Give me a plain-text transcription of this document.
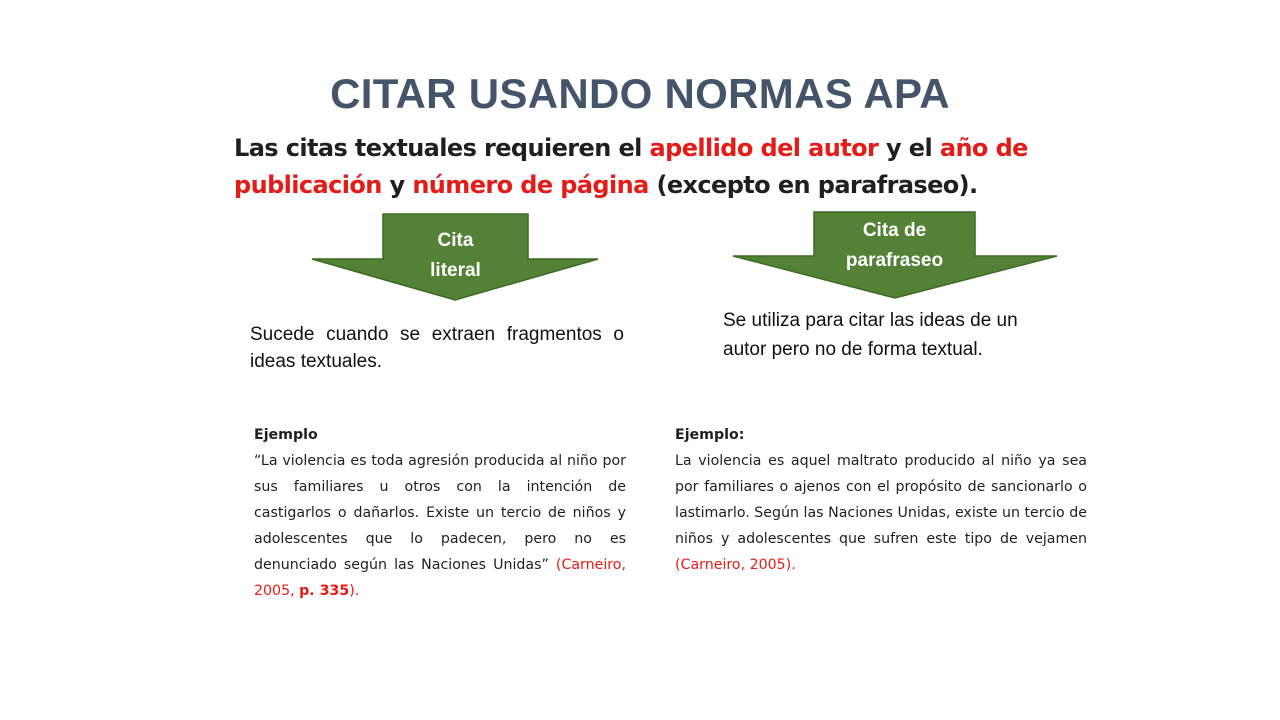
CITAR USANDO NORMAS APA

Las citas textuales requieren el apellido del autor y el año de publicación y número de página (excepto en parafraseo).

Cita
literal
Cita de
parafraseo

Sucede cuando se extraen fragmentos o ideas textuales.

Se utiliza para citar las ideas de un autor pero no de forma textual.

Ejemplo
“La violencia es toda agresión producida al niño por sus familiares u otros con la intención de castigarlos o dañarlos. Existe un tercio de niños y adolescentes que lo padecen, pero no es denunciado según las Naciones Unidas” (Carneiro, 2005, p. 335).

Ejemplo:
La violencia es aquel maltrato producido al niño ya sea por familiares o ajenos con el propósito de sancionarlo o lastimarlo. Según las Naciones Unidas, existe un tercio de niños y adolescentes que sufren este tipo de vejamen (Carneiro, 2005).
